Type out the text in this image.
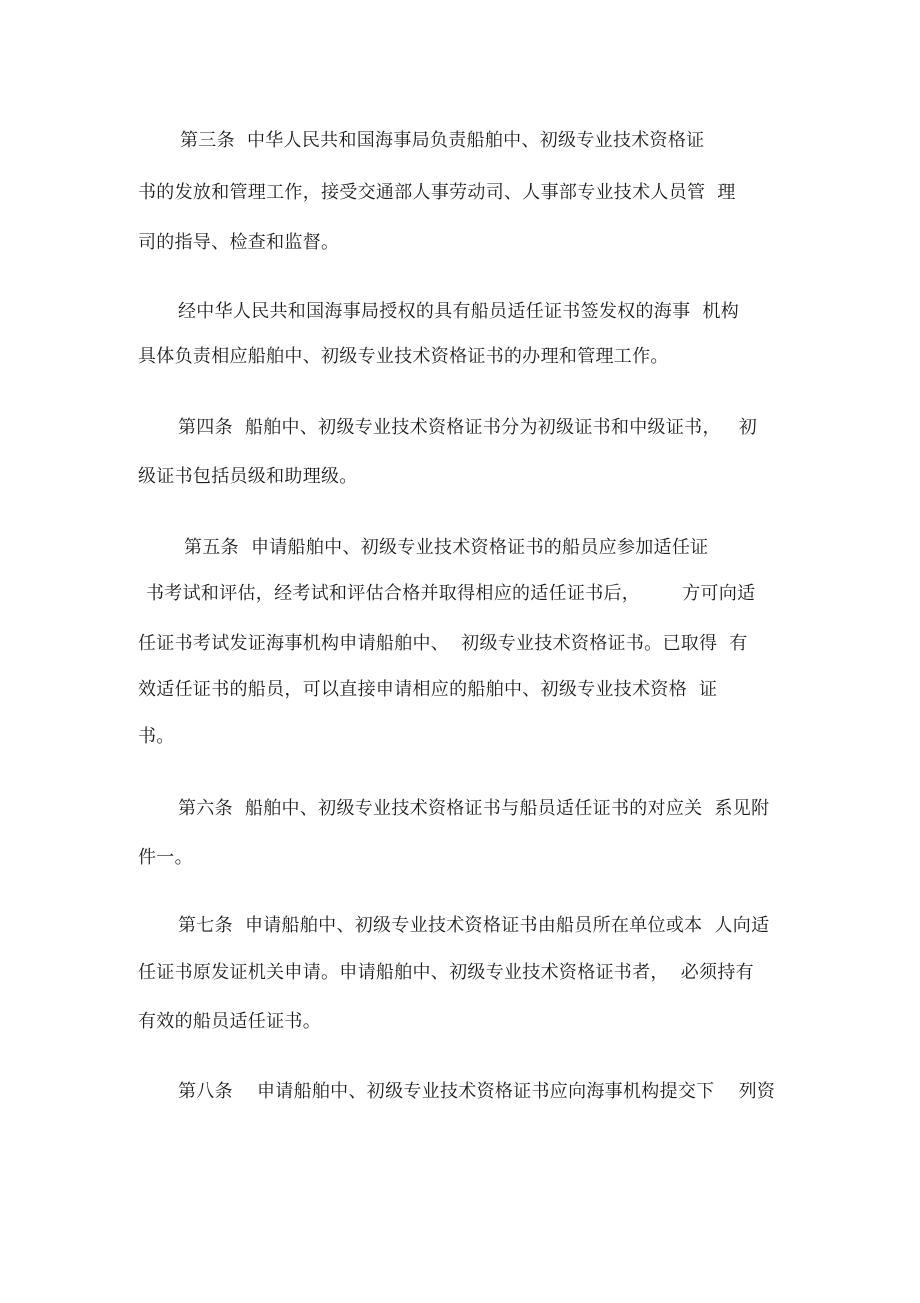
第三条  中华人民共和国海事局负责船舶中、初级专业技术资格证
书的发放和管理工作，接受交通部人事劳动司、人事部专业技术人员管  理
司的指导、检查和监督。
经中华人民共和国海事局授权的具有船员适任证书签发权的海事  机构
具体负责相应船舶中、初级专业技术资格证书的办理和管理工作。
第四条  船舶中、初级专业技术资格证书分为初级证书和中级证书，   初
级证书包括员级和助理级。
第五条  申请船舶中、初级专业技术资格证书的船员应参加适任证
书考试和评估，经考试和评估合格并取得相应的适任证书后，       方可向适
任证书考试发证海事机构申请船舶中、  初级专业技术资格证书。已取得  有
效适任证书的船员，可以直接申请相应的船舶中、初级专业技术资格  证
书。
第六条  船舶中、初级专业技术资格证书与船员适任证书的对应关  系见附
件一。
第七条  申请船舶中、初级专业技术资格证书由船员所在单位或本  人向适
任证书原发证机关申请。申请船舶中、初级专业技术资格证书者，  必须持有
有效的船员适任证书。
第八条    申请船舶中、初级专业技术资格证书应向海事机构提交下    列资
